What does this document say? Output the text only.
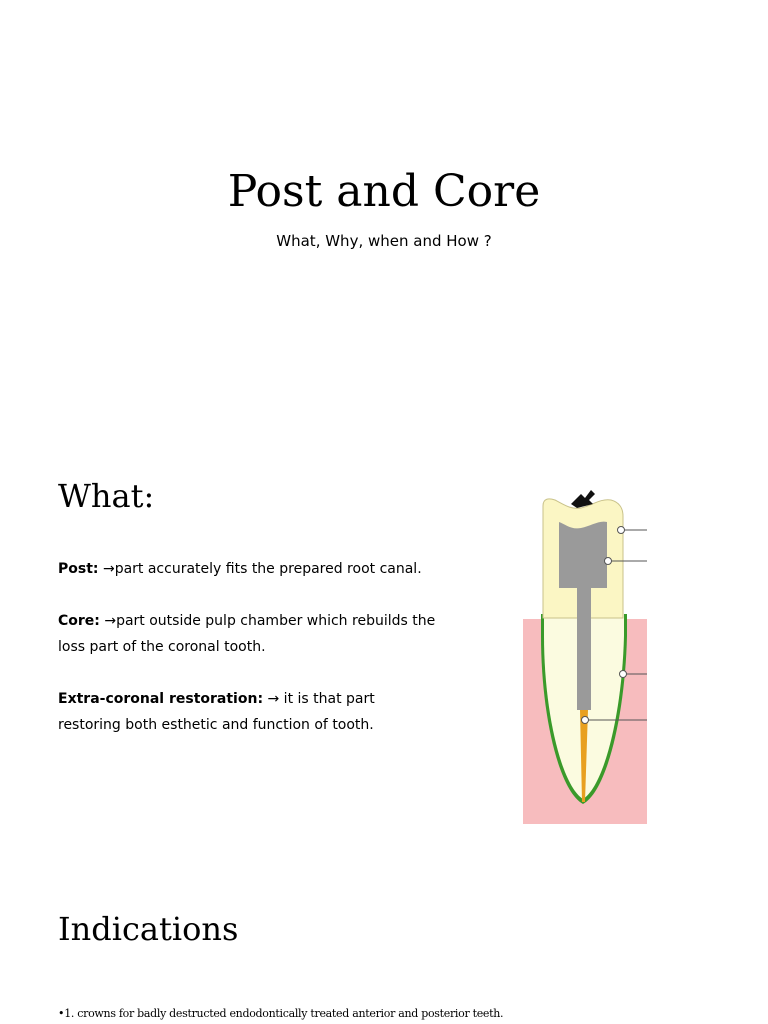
Post and Core

What, Why, when and How ?

What:

Post: →part accurately fits the prepared root canal.

Core: →part outside pulp chamber which rebuilds the loss part of the coronal tooth.

Extra-coronal restoration: → it is that part restoring both esthetic and function of tooth.

Indications

•1. crowns for badly destructed endodontically treated anterior and posterior teeth.
